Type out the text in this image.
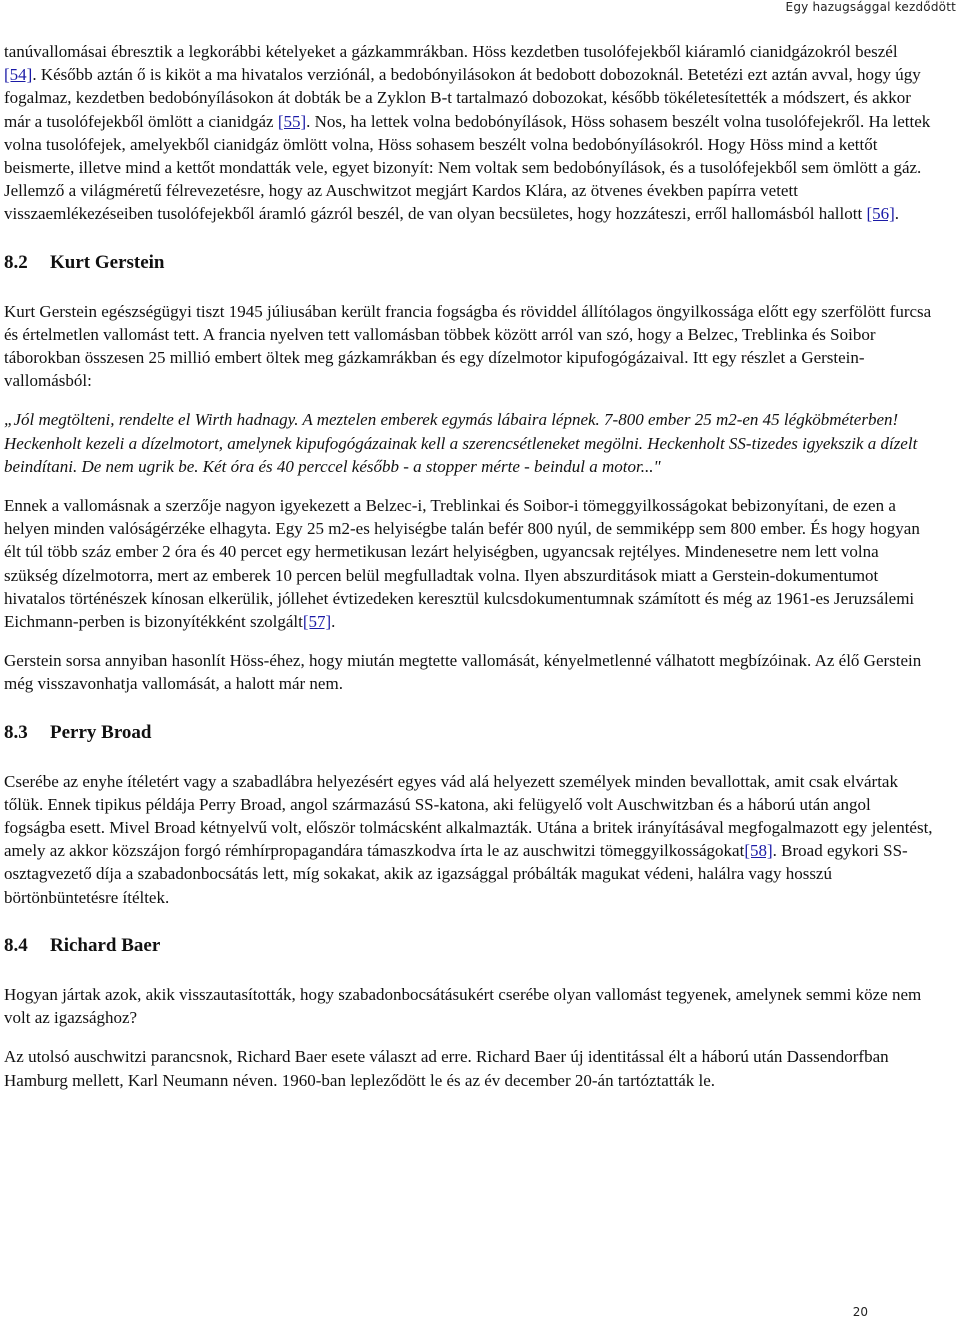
Egy hazugsággal kezdődött

tanúvallomásai ébresztik a legkorábbi kételyeket a gázkammrákban. Höss kezdetben tusolófejekből kiáramló cianidgázokról beszél [54]. Később aztán ő is kiköt a ma hivatalos verziónál, a bedobónyilásokon át bedobott dobozoknál. Betetézi ezt aztán avval, hogy úgy fogalmaz, kezdetben bedobónyílásokon át dobták be a Zyklon B-t tartalmazó dobozokat, később tökéletesítették a módszert, és akkor már a tusolófejekből ömlött a cianidgáz [55]. Nos, ha lettek volna bedobónyílások, Höss sohasem beszélt volna tusolófejekről. Ha lettek volna tusolófejek, amelyekből cianidgáz ömlött volna, Höss sohasem beszélt volna bedobónyílásokról. Hogy Höss mind a kettőt beismerte, illetve mind a kettőt mondatták vele, egyet bizonyít: Nem voltak sem bedobónyílások, és a tusolófejekből sem ömlött a gáz. Jellemző a világméretű félrevezetésre, hogy az Auschwitzot megjárt Kardos Klára, az ötvenes években papírra vetett visszaemlékezéseiben tusolófejekből áramló gázról beszél, de van olyan becsületes, hogy hozzáteszi, erről hallomásból hallott [56].

8.2 Kurt Gerstein

Kurt Gerstein egészségügyi tiszt 1945 júliusában került francia fogságba és röviddel állítólagos öngyilkossága előtt egy szerfölött furcsa és értelmetlen vallomást tett. A francia nyelven tett vallomásban többek között arról van szó, hogy a Belzec, Treblinka és Soibor táborokban összesen 25 millió embert öltek meg gázkamrákban és egy dízelmotor kipufogógázaival. Itt egy részlet a Gerstein-vallomásból:

„Jól megtölteni, rendelte el Wirth hadnagy. A meztelen emberek egymás lábaira lépnek. 7-800 ember 25 m2-en 45 légköbméterben! Heckenholt kezeli a dízelmotort, amelynek kipufogógázainak kell a szerencsétleneket megölni. Heckenholt SS-tizedes igyekszik a dízelt beindítani. De nem ugrik be. Két óra és 40 perccel később - a stopper mérte - beindul a motor..."

Ennek a vallomásnak a szerzője nagyon igyekezett a Belzec-i, Treblinkai és Soibor-i tömeggyilkosságokat bebizonyítani, de ezen a helyen minden valóságérzéke elhagyta. Egy 25 m2-es helyiségbe talán befér 800 nyúl, de semmiképp sem 800 ember. És hogy hogyan élt túl több száz ember 2 óra és 40 percet egy hermetikusan lezárt helyiségben, ugyancsak rejtélyes. Mindenesetre nem lett volna szükség dízelmotorra, mert az emberek 10 percen belül megfulladtak volna. Ilyen abszurditások miatt a Gerstein-dokumentumot hivatalos történészek kínosan elkerülik, jóllehet évtizedeken keresztül kulcsdokumentumnak számított és még az 1961-es Jeruzsálemi Eichmann-perben is bizonyítékként szolgált[57].

Gerstein sorsa annyiban hasonlít Höss-éhez, hogy miután megtette vallomását, kényelmetlenné válhatott megbízóinak. Az élő Gerstein még visszavonhatja vallomását, a halott már nem.

8.3 Perry Broad

Cserébe az enyhe ítéletért vagy a szabadlábra helyezésért egyes vád alá helyezett személyek minden bevallottak, amit csak elvártak tőlük. Ennek tipikus példája Perry Broad, angol származású SS-katona, aki felügyelő volt Auschwitzban és a háború után angol fogságba esett. Mivel Broad kétnyelvű volt, először tolmácsként alkalmazták. Utána a britek irányításával megfogalmazott egy jelentést, amely az akkor közszájon forgó rémhírpropagandára támaszkodva írta le az auschwitzi tömeggyilkosságokat[58]. Broad egykori SS-osztagvezető díja a szabadonbocsátás lett, míg sokakat, akik az igazsággal próbálták magukat védeni, halálra vagy hosszú börtönbüntetésre ítéltek.

8.4 Richard Baer

Hogyan jártak azok, akik visszautasították, hogy szabadonbocsátásukért cserébe olyan vallomást tegyenek, amelynek semmi köze nem volt az igazsághoz?

Az utolsó auschwitzi parancsnok, Richard Baer esete választ ad erre. Richard Baer új identitással élt a háború után Dassendorfban Hamburg mellett, Karl Neumann néven. 1960-ban lepleződött le és az év december 20-án tartóztatták le.

20
